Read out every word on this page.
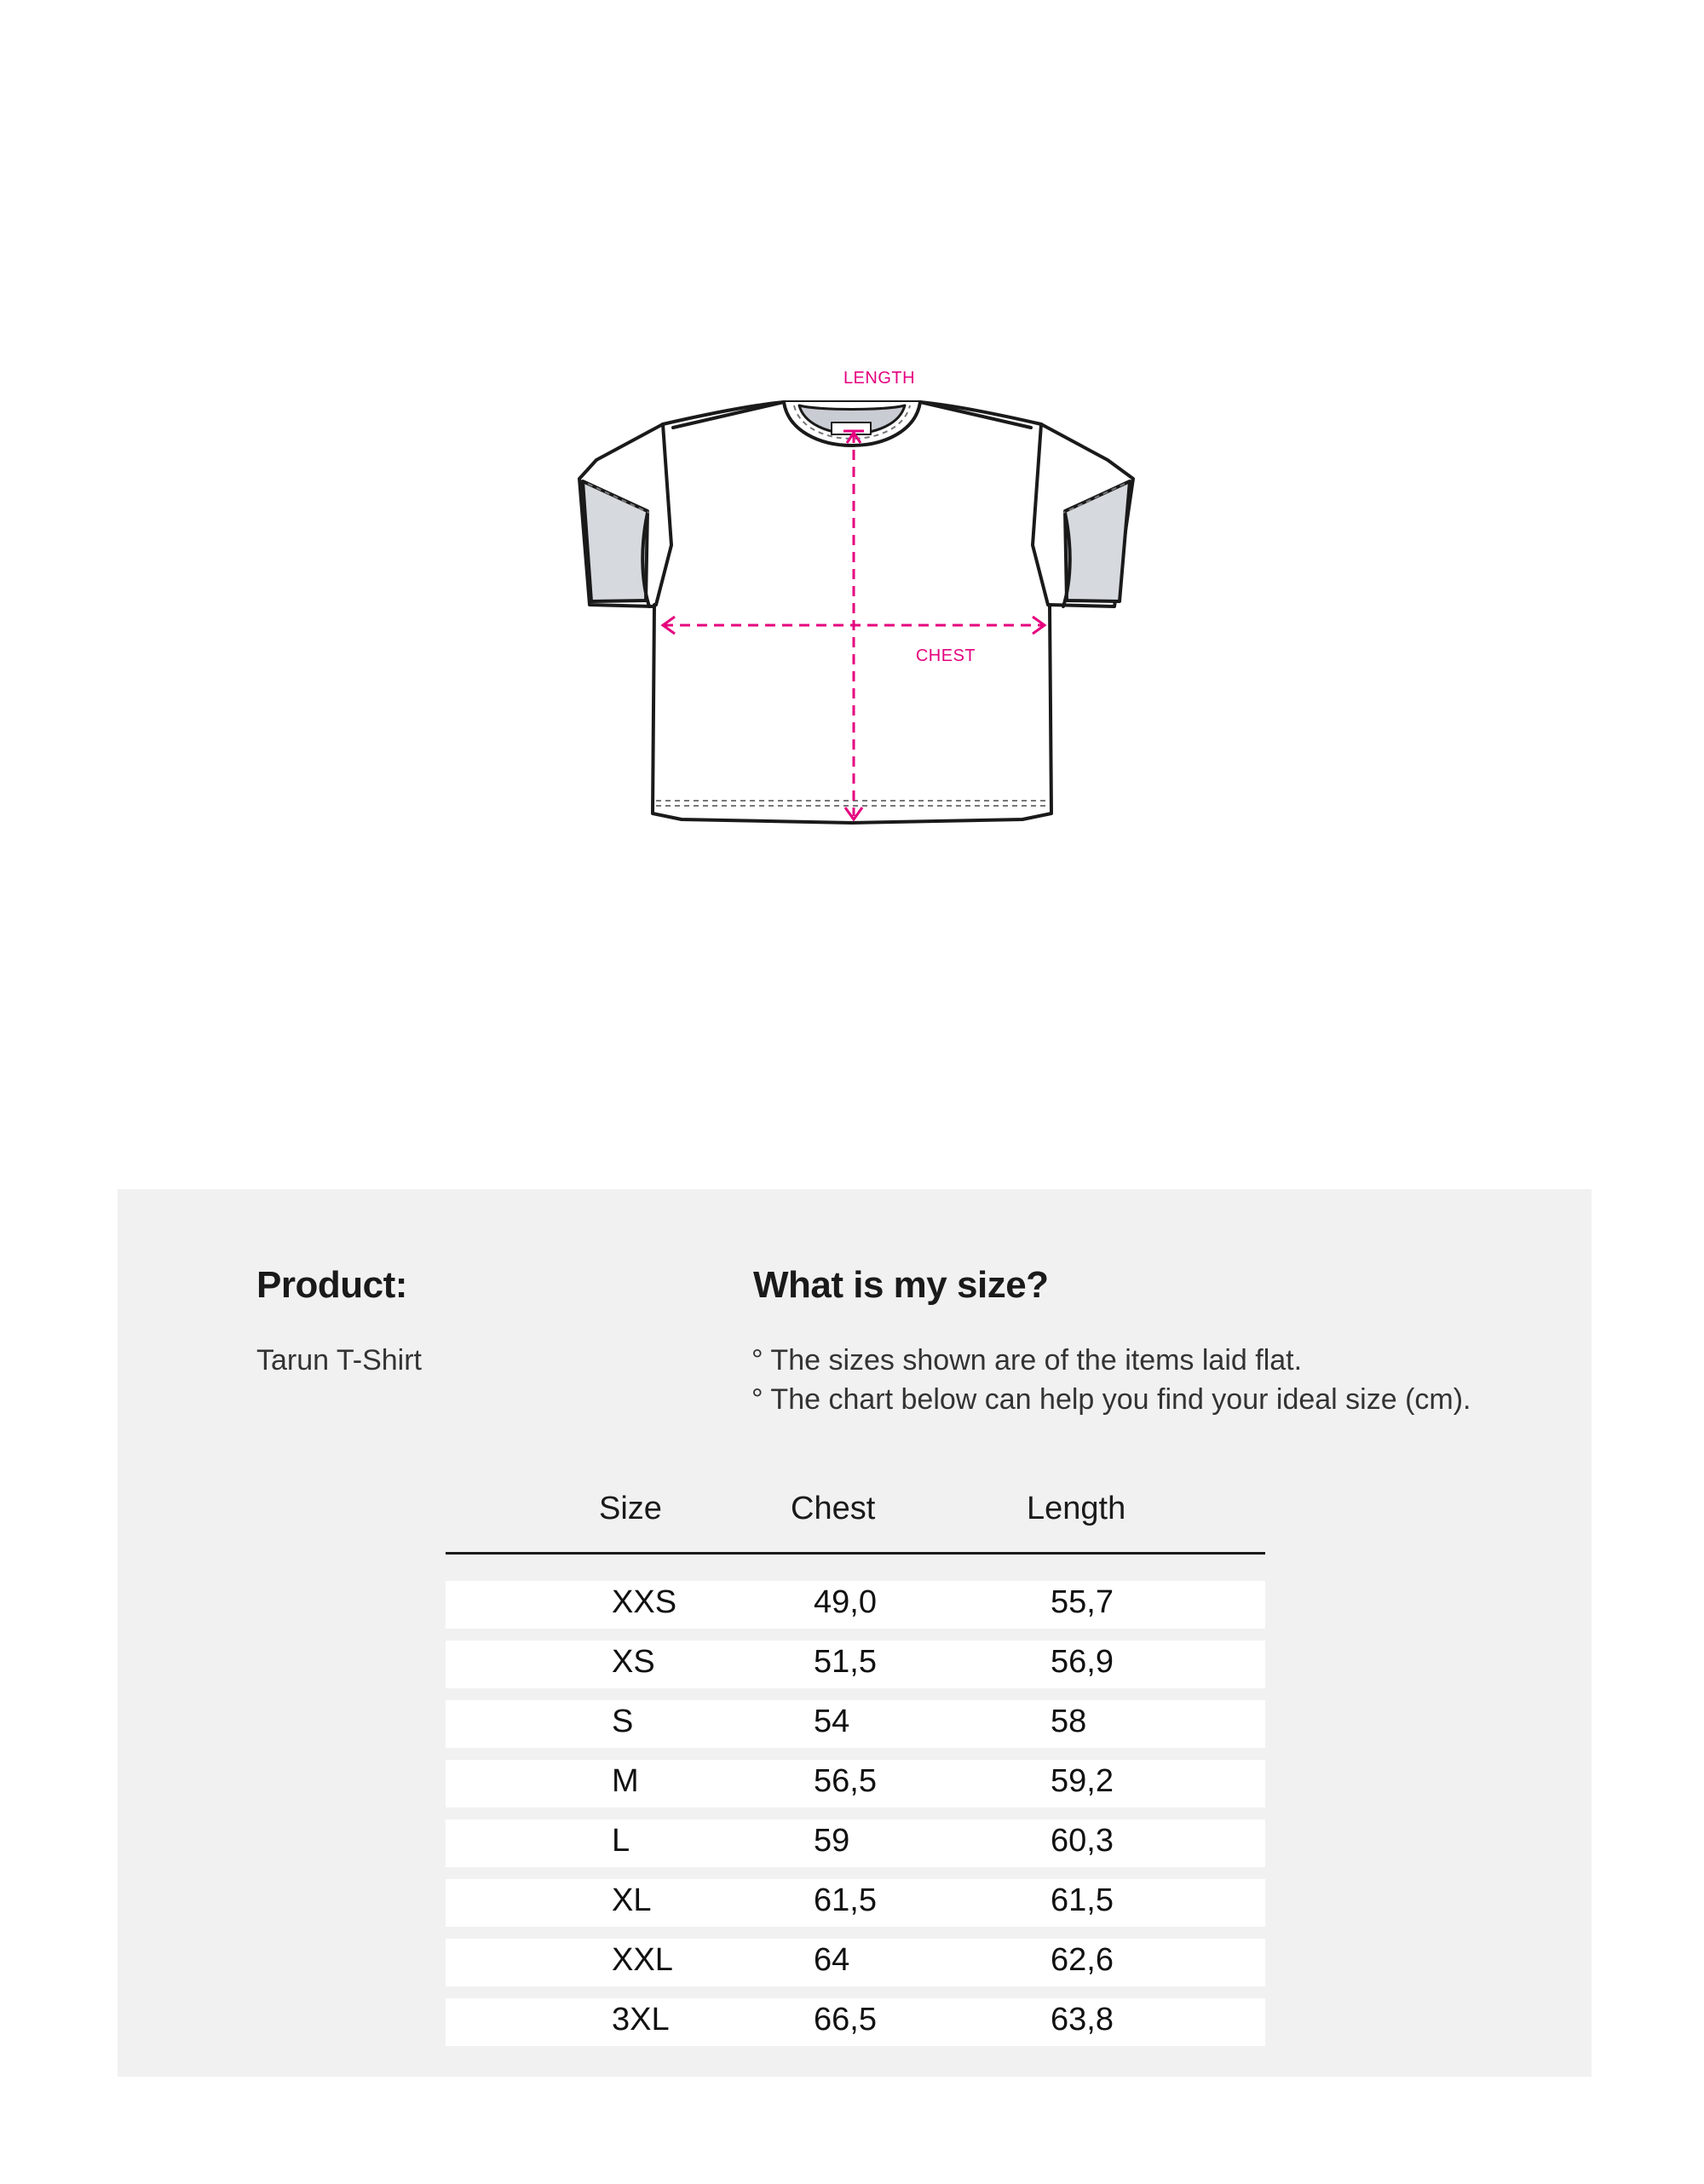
LENGTH
CHEST
Product:

Tarun T-Shirt

What is my size?

° The sizes shown are of the items laid flat.

° The chart below can help you find your ideal size (cm).

Size	Chest	Length
XXS	49,0	55,7
XS	51,5	56,9
S	54	58
M	56,5	59,2
L	59	60,3
XL	61,5	61,5
XXL	64	62,6
3XL	66,5	63,8
